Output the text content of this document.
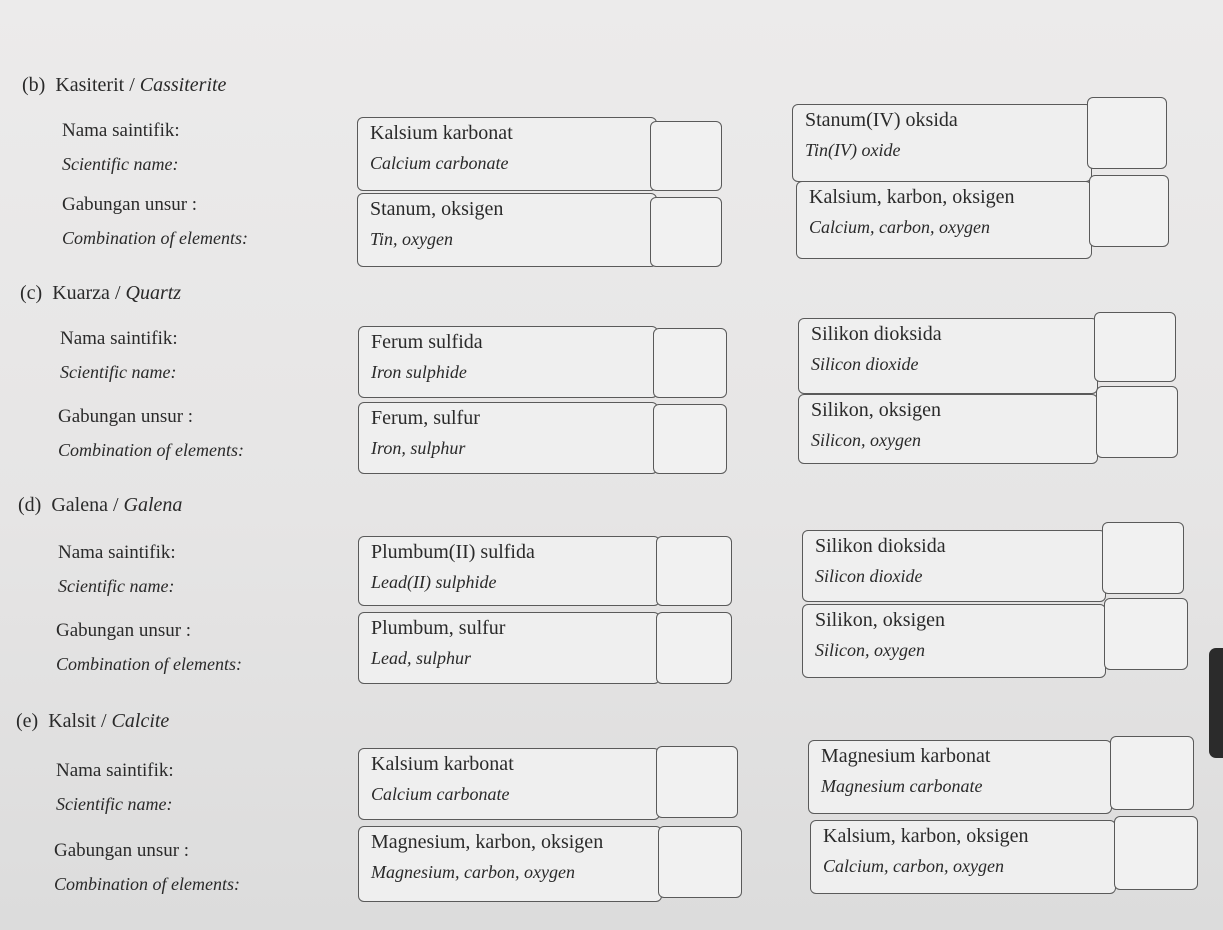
(b) Kasiterit / Cassiterite
Nama saintifik:
Scientific name:
Kalsium karbonat
Calcium carbonate
Stanum(IV) oksida
Tin(IV) oxide
Gabungan unsur :
Combination of elements:
Stanum, oksigen
Tin, oxygen
Kalsium, karbon, oksigen
Calcium, carbon, oxygen
(c) Kuarza / Quartz
Nama saintifik:
Scientific name:
Ferum sulfida
Iron sulphide
Silikon dioksida
Silicon dioxide
Gabungan unsur :
Combination of elements:
Ferum, sulfur
Iron, sulphur
Silikon, oksigen
Silicon, oxygen
(d) Galena / Galena
Nama saintifik:
Scientific name:
Plumbum(II) sulfida
Lead(II) sulphide
Silikon dioksida
Silicon dioxide
Gabungan unsur :
Combination of elements:
Plumbum, sulfur
Lead, sulphur
Silikon, oksigen
Silicon, oxygen
(e) Kalsit / Calcite
Nama saintifik:
Scientific name:
Kalsium karbonat
Calcium carbonate
Magnesium karbonat
Magnesium carbonate
Gabungan unsur :
Combination of elements:
Magnesium, karbon, oksigen
Magnesium, carbon, oxygen
Kalsium, karbon, oksigen
Calcium, carbon, oxygen
